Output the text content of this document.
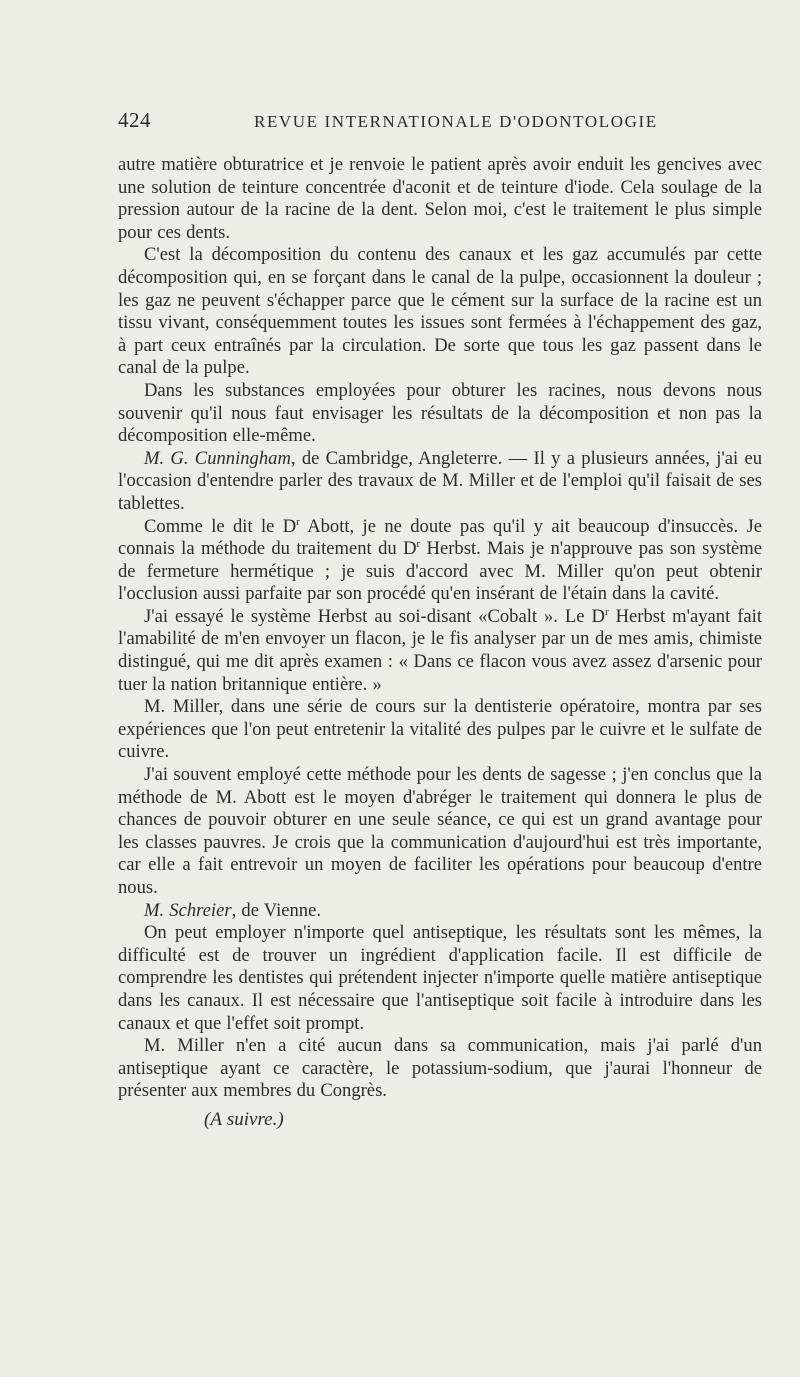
424	REVUE INTERNATIONALE D'ODONTOLOGIE

autre matière obturatrice et je renvoie le patient après avoir enduit les gencives avec une solution de teinture concentrée d'aconit et de teinture d'iode. Cela soulage de la pression autour de la racine de la dent. Selon moi, c'est le traitement le plus simple pour ces dents.

C'est la décomposition du contenu des canaux et les gaz accumulés par cette décomposition qui, en se forçant dans le canal de la pulpe, occasionnent la douleur ; les gaz ne peuvent s'échapper parce que le cément sur la surface de la racine est un tissu vivant, conséquemment toutes les issues sont fermées à l'échappement des gaz, à part ceux entraînés par la circulation. De sorte que tous les gaz passent dans le canal de la pulpe.

Dans les substances employées pour obturer les racines, nous devons nous souvenir qu'il nous faut envisager les résultats de la décomposition et non pas la décomposition elle-même.

M. G. Cunningham, de Cambridge, Angleterre. — Il y a plusieurs années, j'ai eu l'occasion d'entendre parler des travaux de M. Miller et de l'emploi qu'il faisait de ses tablettes.

Comme le dit le $D^r$ Abott, je ne doute pas qu'il y ait beaucoup d'insuccès. Je connais la méthode du traitement du $D^r$ Herbst. Mais je n'approuve pas son système de fermeture hermétique ; je suis d'accord avec M. Miller qu'on peut obtenir l'occlusion aussi parfaite par son procédé qu'en insérant de l'étain dans la cavité.

J'ai essayé le système Herbst au soi-disant «Cobalt ». Le $D^r$ Herbst m'ayant fait l'amabilité de m'en envoyer un flacon, je le fis analyser par un de mes amis, chimiste distingué, qui me dit après examen : « Dans ce flacon vous avez assez d'arsenic pour tuer la nation britannique entière. »

M. Miller, dans une série de cours sur la dentisterie opératoire, montra par ses expériences que l'on peut entretenir la vitalité des pulpes par le cuivre et le sulfate de cuivre.

J'ai souvent employé cette méthode pour les dents de sagesse ; j'en conclus que la méthode de M. Abott est le moyen d'abréger le traitement qui donnera le plus de chances de pouvoir obturer en une seule séance, ce qui est un grand avantage pour les classes pauvres. Je crois que la communication d'aujourd'hui est très importante, car elle a fait entrevoir un moyen de faciliter les opérations pour beaucoup d'entre nous.

M. Schreier, de Vienne.

On peut employer n'importe quel antiseptique, les résultats sont les mêmes, la difficulté est de trouver un ingrédient d'application facile. Il est difficile de comprendre les dentistes qui prétendent injecter n'importe quelle matière antiseptique dans les canaux. Il est nécessaire que l'antiseptique soit facile à introduire dans les canaux et que l'effet soit prompt.

M. Miller n'en a cité aucun dans sa communication, mais j'ai parlé d'un antiseptique ayant ce caractère, le potassium-sodium, que j'aurai l'honneur de présenter aux membres du Congrès.

(A suivre.)
